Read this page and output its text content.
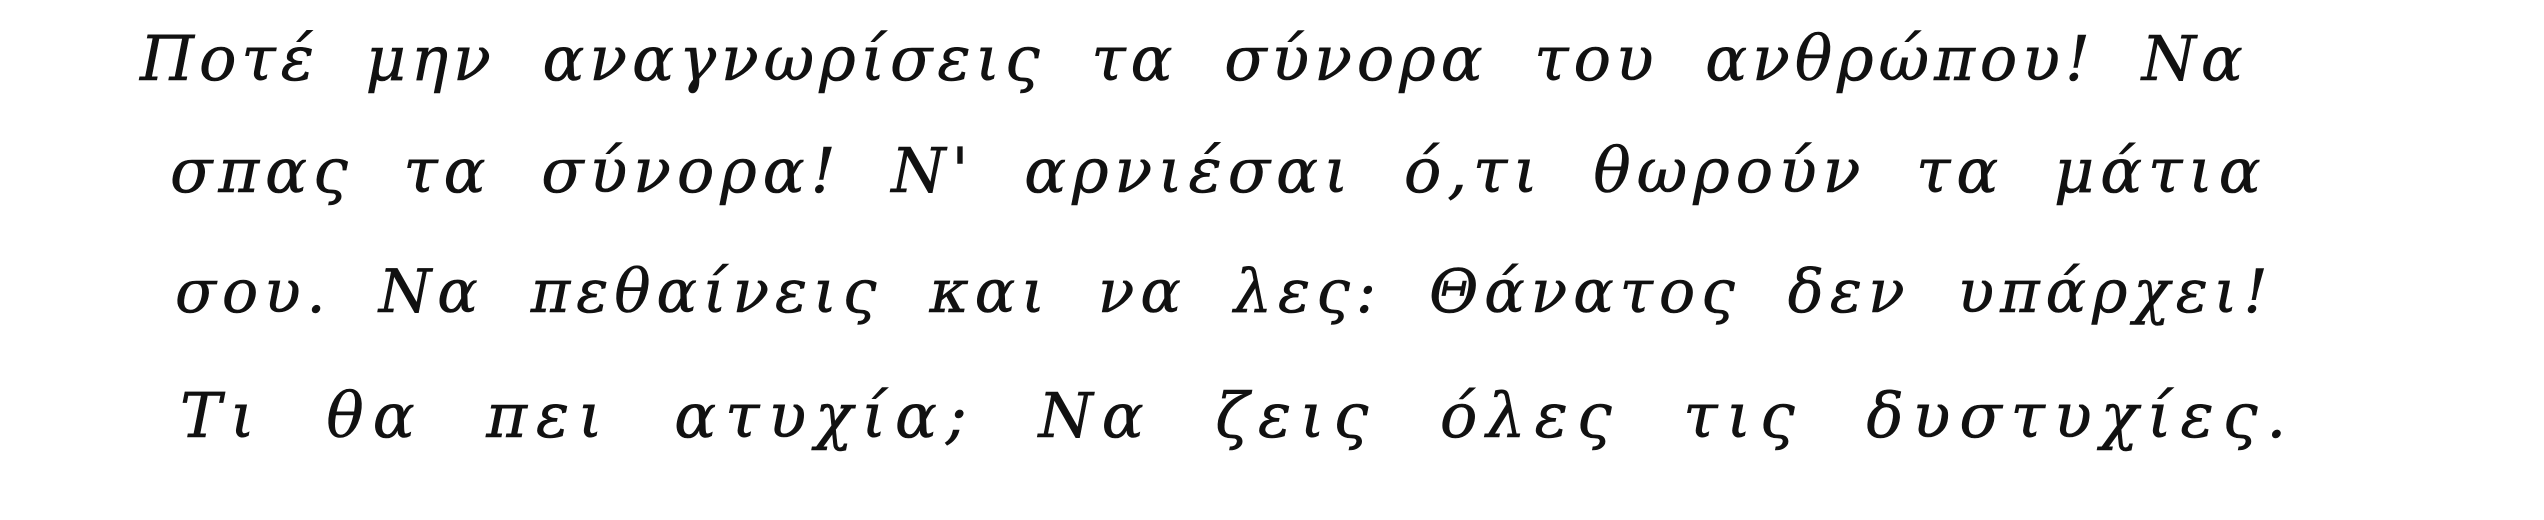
Ποτέ μην αναγνωρίσεις τα σύνορα του ανθρώπου! Να
σπας τα σύνορα! Ν' αρνιέσαι ό,τι θωρούν τα μάτια
σου. Να πεθαίνεις και να λες: Θάνατος δεν υπάρχει!
Τι θα πει ατυχία; Να ζεις όλες τις δυστυχίες.
